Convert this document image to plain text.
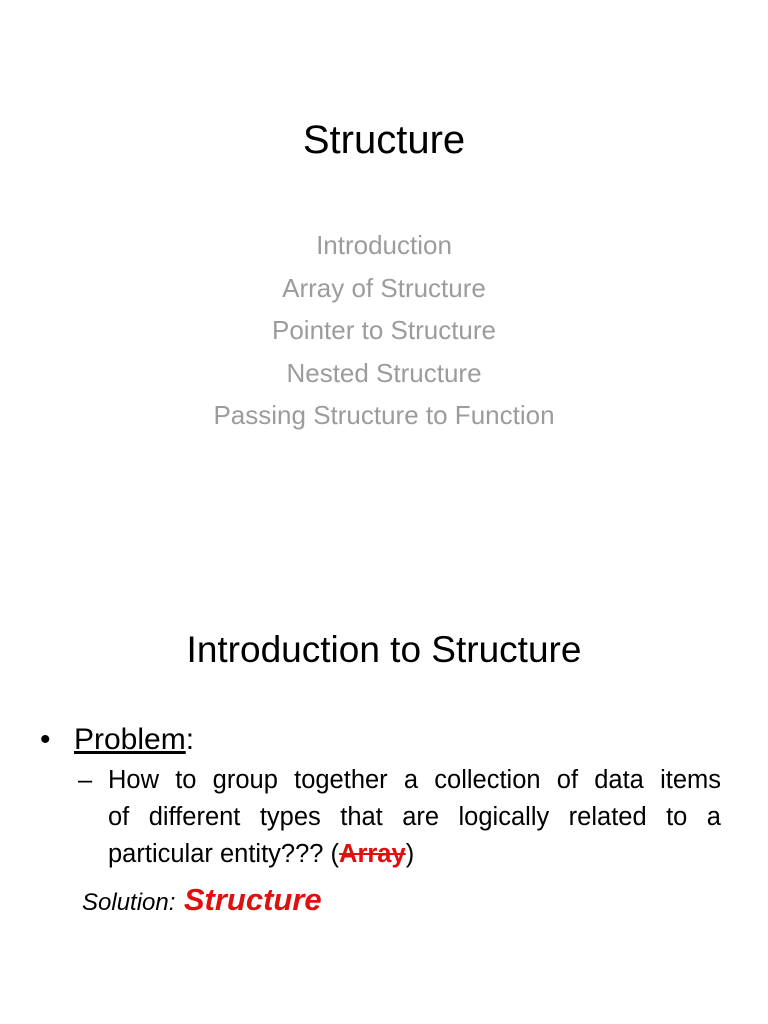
Structure
Introduction
Array of Structure
Pointer to Structure
Nested Structure
Passing Structure to Function
Introduction to Structure
• Problem:
– How to group together a collection of data items
of different types that are logically related to a
particular entity??? (Array)
Solution: Structure
